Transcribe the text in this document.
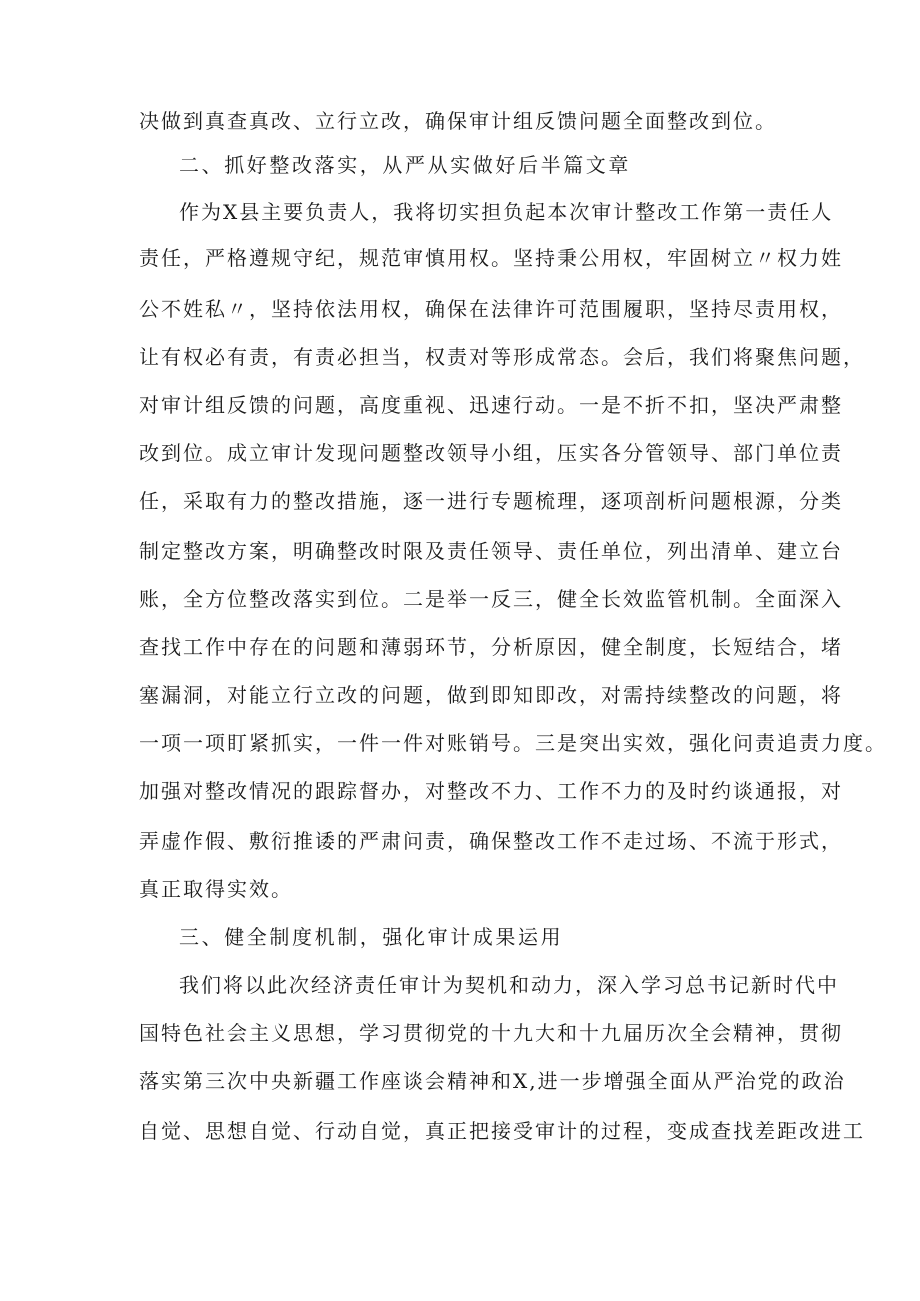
决做到真查真改、立行立改，确保审计组反馈问题全面整改到位。

二、抓好整改落实，从严从实做好后半篇文章

作为X县主要负责人，我将切实担负起本次审计整改工作第一责任人

责任，严格遵规守纪，规范审慎用权。坚持秉公用权，牢固树立〃权力姓

公不姓私〃，坚持依法用权，确保在法律许可范围履职，坚持尽责用权，

让有权必有责，有责必担当，权责对等形成常态。会后，我们将聚焦问题，

对审计组反馈的问题，高度重视、迅速行动。一是不折不扣，坚决严肃整

改到位。成立审计发现问题整改领导小组，压实各分管领导、部门单位责

任，采取有力的整改措施，逐一进行专题梳理，逐项剖析问题根源，分类

制定整改方案，明确整改时限及责任领导、责任单位，列出清单、建立台

账，全方位整改落实到位。二是举一反三，健全长效监管机制。全面深入

查找工作中存在的问题和薄弱环节，分析原因，健全制度，长短结合，堵

塞漏洞，对能立行立改的问题，做到即知即改，对需持续整改的问题，将

一项一项盯紧抓实，一件一件对账销号。三是突出实效，强化问责追责力度。

加强对整改情况的跟踪督办，对整改不力、工作不力的及时约谈通报，对

弄虚作假、敷衍推诿的严肃问责，确保整改工作不走过场、不流于形式，

真正取得实效。

三、健全制度机制，强化审计成果运用

我们将以此次经济责任审计为契机和动力，深入学习总书记新时代中

国特色社会主义思想，学习贯彻党的十九大和十九届历次全会精神，贯彻

落实第三次中央新疆工作座谈会精神和X,进一步增强全面从严治党的政治

自觉、思想自觉、行动自觉，真正把接受审计的过程，变成查找差距改进工
